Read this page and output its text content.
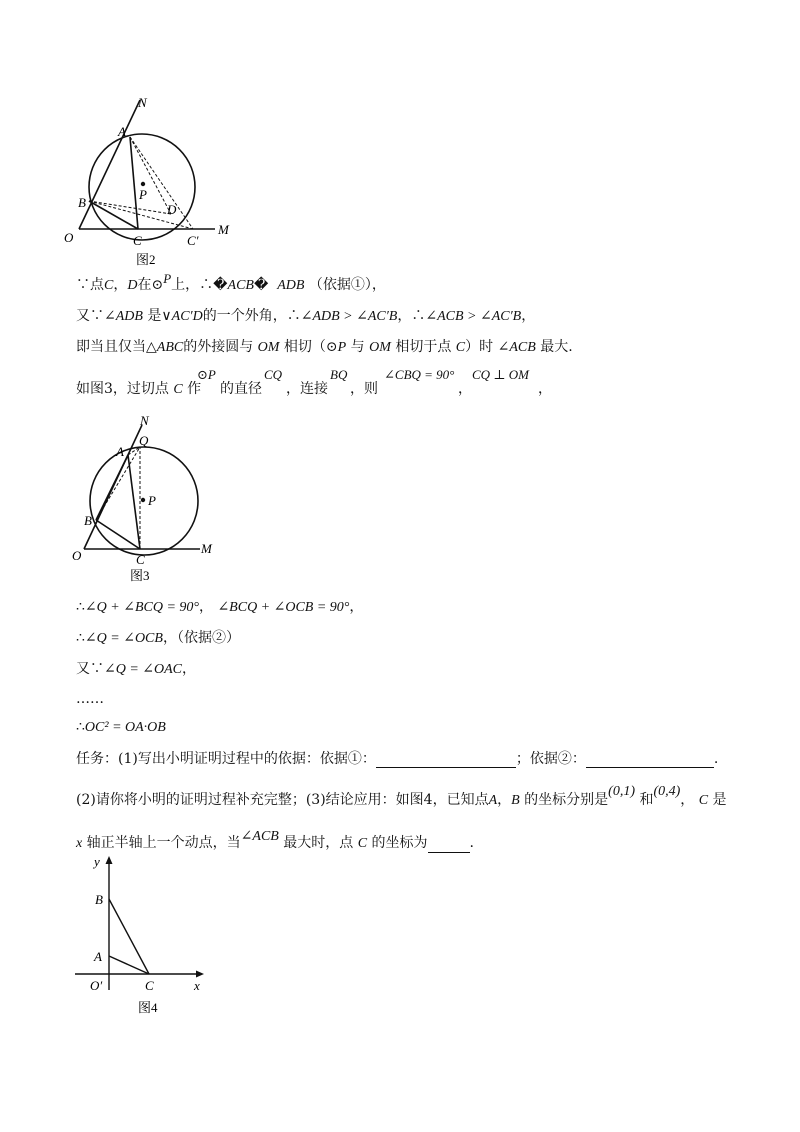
N
A
P
B	D
O	C	C′
M
图2
∵点C，D在⊙P上，∴�ACB� ADB （依据①），
又∵∠ADB 是∨AC′D的一个外角，∴∠ADB > ∠AC′B，∴∠ACB > ∠AC′B，
即当且仅当△ABC的外接圆与 OM 相切（⊙P 与 OM 相切于点 C）时 ∠ACB 最大.
如图3，过切点 C 作
⊙P
的直径
CQ
，连接
BQ
，则
∠CBQ = 90°
，
CQ ⊥ OM
，
N
Q
A
P
B
O	C
M
图3
∴∠Q + ∠BCQ = 90°， ∠BCQ + ∠OCB = 90°，
∴∠Q = ∠OCB，（依据②）
又∵∠Q = ∠OAC，
……
∴OC² = OA·OB
任务：(1)写出小明证明过程中的依据：依据①：	；依据②：	.
(2)请你将小明的证明过程补充完整；(3)结论应用：如图4，已知点A，B 的坐标分别是(0,1) 和(0,4)， C 是
x 轴正半轴上一个动点，当∠ACB 最大时，点 C 的坐标为	.
y
B
A
O′	C	x
图4
